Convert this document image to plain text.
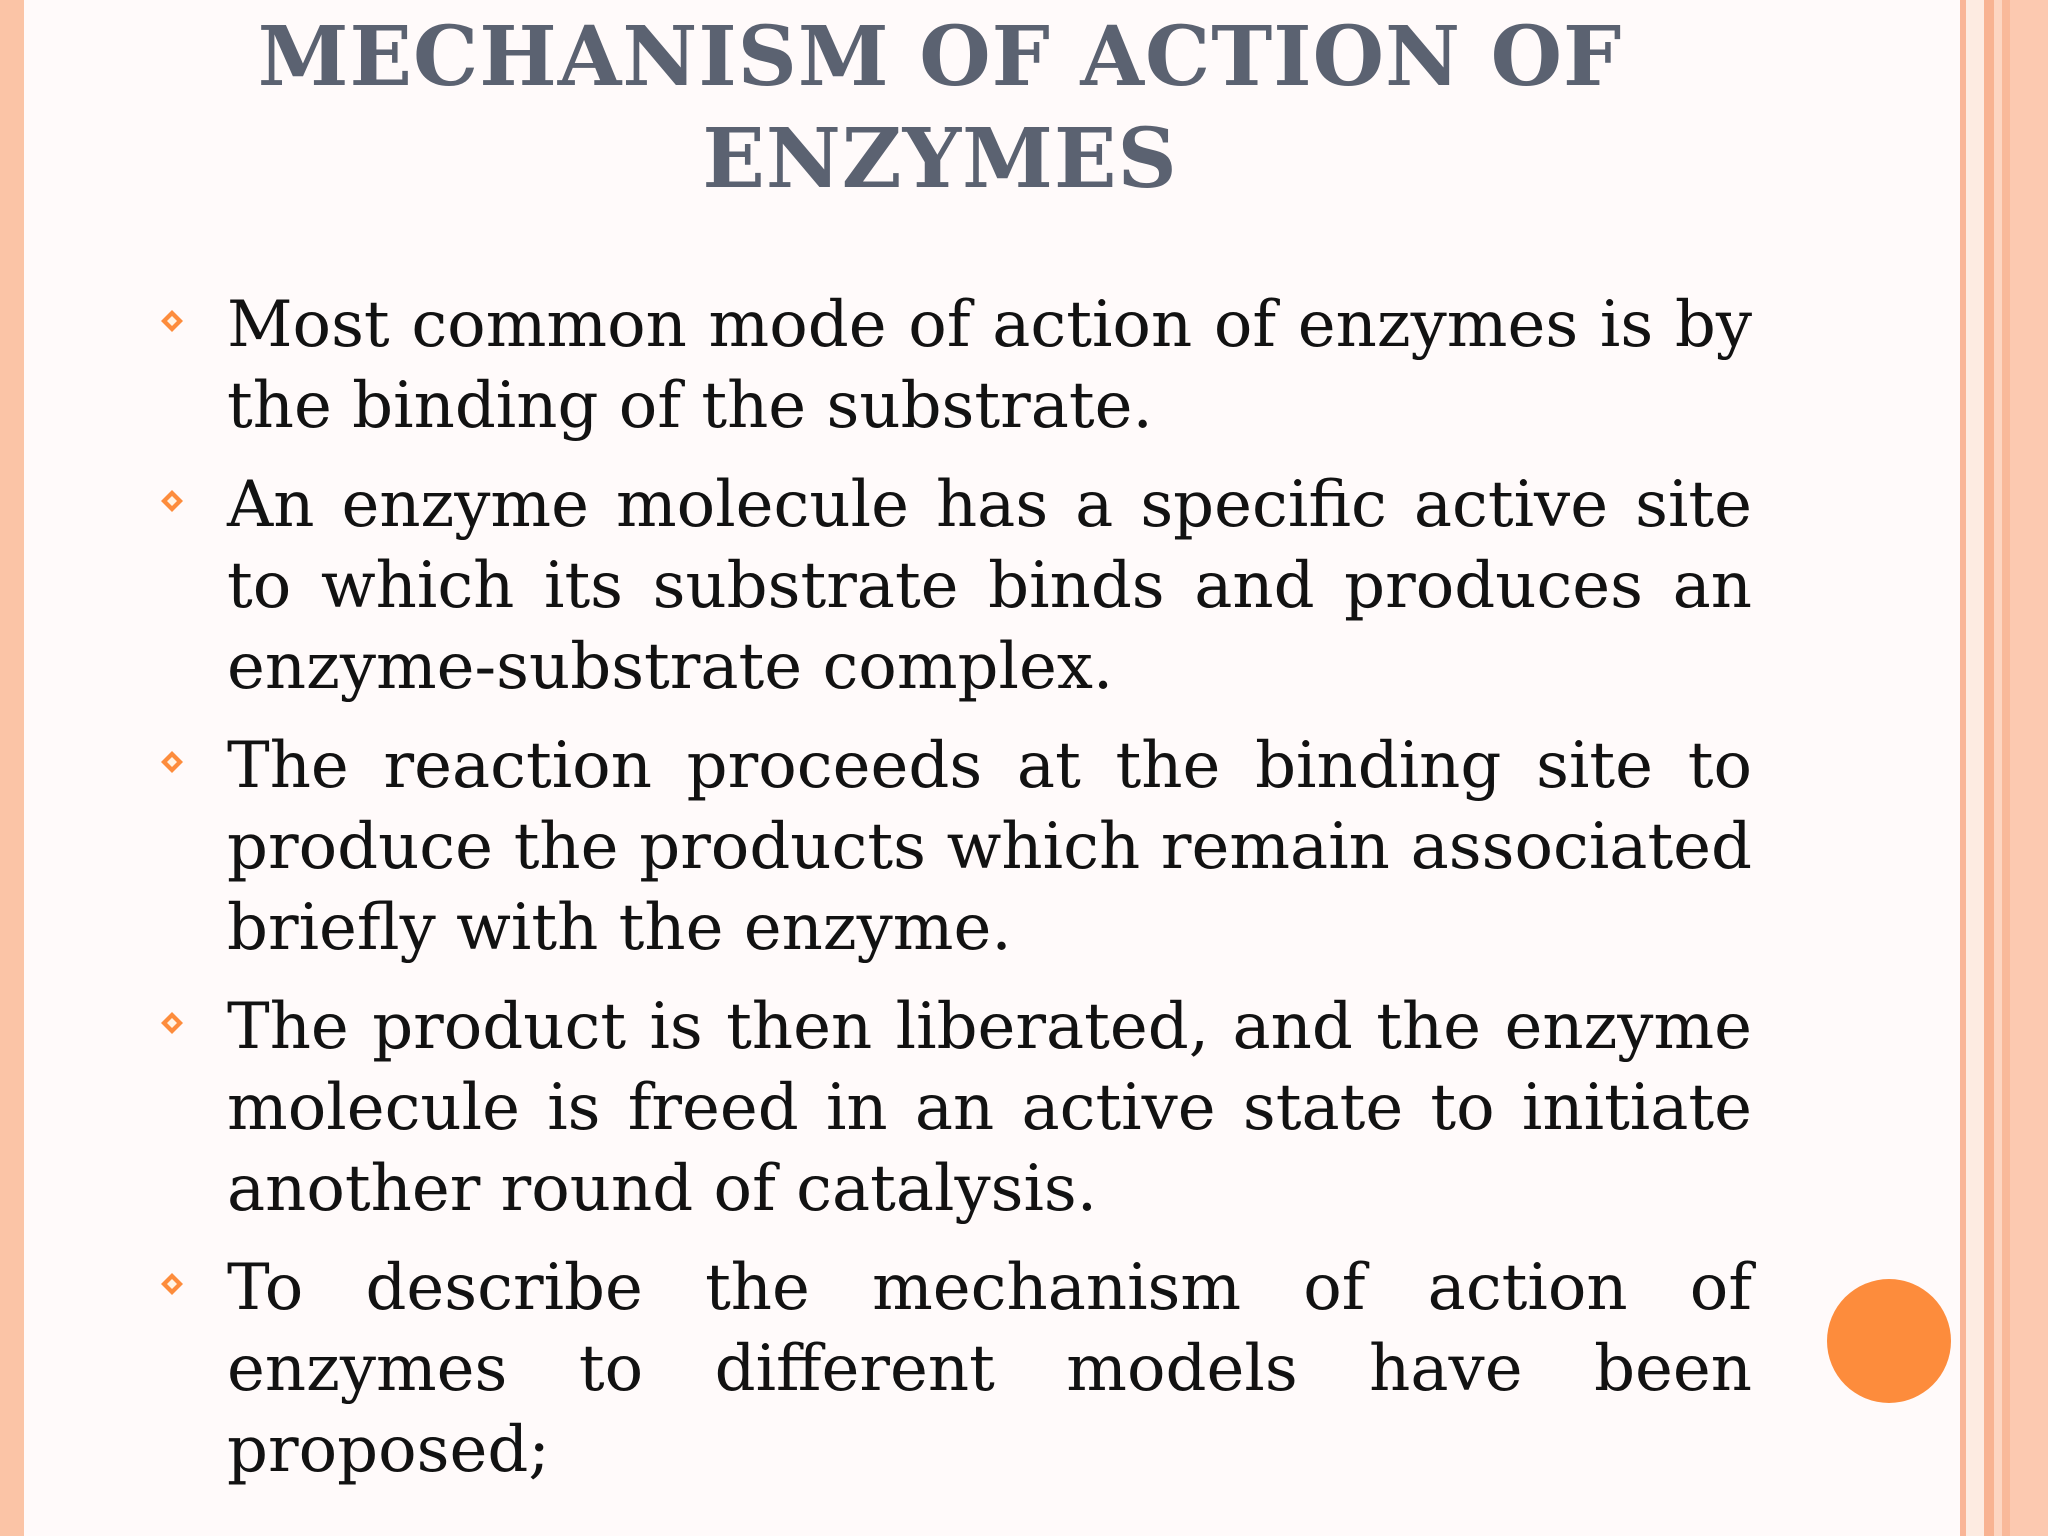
MECHANISM OF ACTION OF ENZYMES
Most common mode of action of enzymes is by the binding of the substrate.
An enzyme molecule has a specific active site to which its substrate binds and produces an enzyme-substrate complex.
The reaction proceeds at the binding site to produce the products which remain associated briefly with the enzyme.
The product is then liberated, and the enzyme molecule is freed in an active state to initiate another round of catalysis.
To describe the mechanism of action of enzymes to different models have been proposed;
